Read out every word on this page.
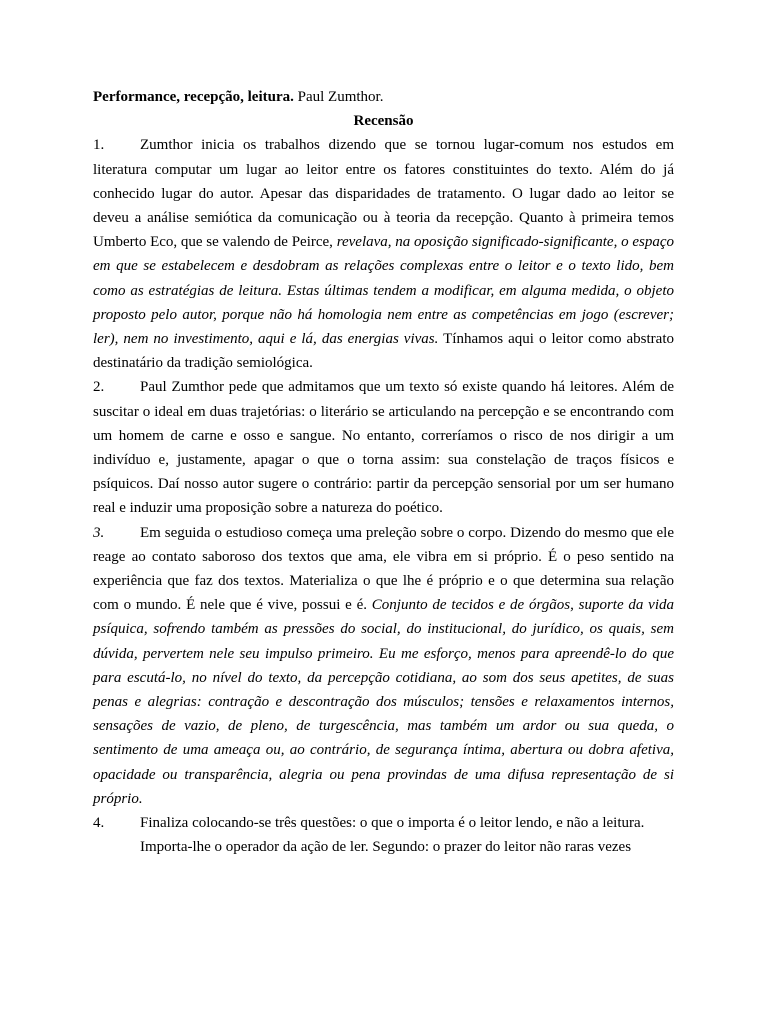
Performance, recepção, leitura. Paul Zumthor.

Recensão

1. Zumthor inicia os trabalhos dizendo que se tornou lugar-comum nos estudos em literatura computar um lugar ao leitor entre os fatores constituintes do texto. Além do já conhecido lugar do autor. Apesar das disparidades de tratamento. O lugar dado ao leitor se deveu a análise semiótica da comunicação ou à teoria da recepção. Quanto à primeira temos Umberto Eco, que se valendo de Peirce, revelava, na oposição significado-significante, o espaço em que se estabelecem e desdobram as relações complexas entre o leitor e o texto lido, bem como as estratégias de leitura. Estas últimas tendem a modificar, em alguma medida, o objeto proposto pelo autor, porque não há homologia nem entre as competências em jogo (escrever; ler), nem no investimento, aqui e lá, das energias vivas. Tínhamos aqui o leitor como abstrato destinatário da tradição semiológica.

2. Paul Zumthor pede que admitamos que um texto só existe quando há leitores. Além de suscitar o ideal em duas trajetórias: o literário se articulando na percepção e se encontrando com um homem de carne e osso e sangue. No entanto, correríamos o risco de nos dirigir a um indivíduo e, justamente, apagar o que o torna assim: sua constelação de traços físicos e psíquicos. Daí nosso autor sugere o contrário: partir da percepção sensorial por um ser humano real e induzir uma proposição sobre a natureza do poético.

3. Em seguida o estudioso começa uma preleção sobre o corpo. Dizendo do mesmo que ele reage ao contato saboroso dos textos que ama, ele vibra em si próprio. É o peso sentido na experiência que faz dos textos. Materializa o que lhe é próprio e o que determina sua relação com o mundo. É nele que é vive, possui e é. Conjunto de tecidos e de órgãos, suporte da vida psíquica, sofrendo também as pressões do social, do institucional, do jurídico, os quais, sem dúvida, pervertem nele seu impulso primeiro. Eu me esforço, menos para apreendê-lo do que para escutá-lo, no nível do texto, da percepção cotidiana, ao som dos seus apetites, de suas penas e alegrias: contração e descontração dos músculos; tensões e relaxamentos internos, sensações de vazio, de pleno, de turgescência, mas também um ardor ou sua queda, o sentimento de uma ameaça ou, ao contrário, de segurança íntima, abertura ou dobra afetiva, opacidade ou transparência, alegria ou pena provindas de uma difusa representação de si próprio.

4. Finaliza colocando-se três questões: o que o importa é o leitor lendo, e não a leitura.

Importa-lhe o operador da ação de ler. Segundo: o prazer do leitor não raras vezes
